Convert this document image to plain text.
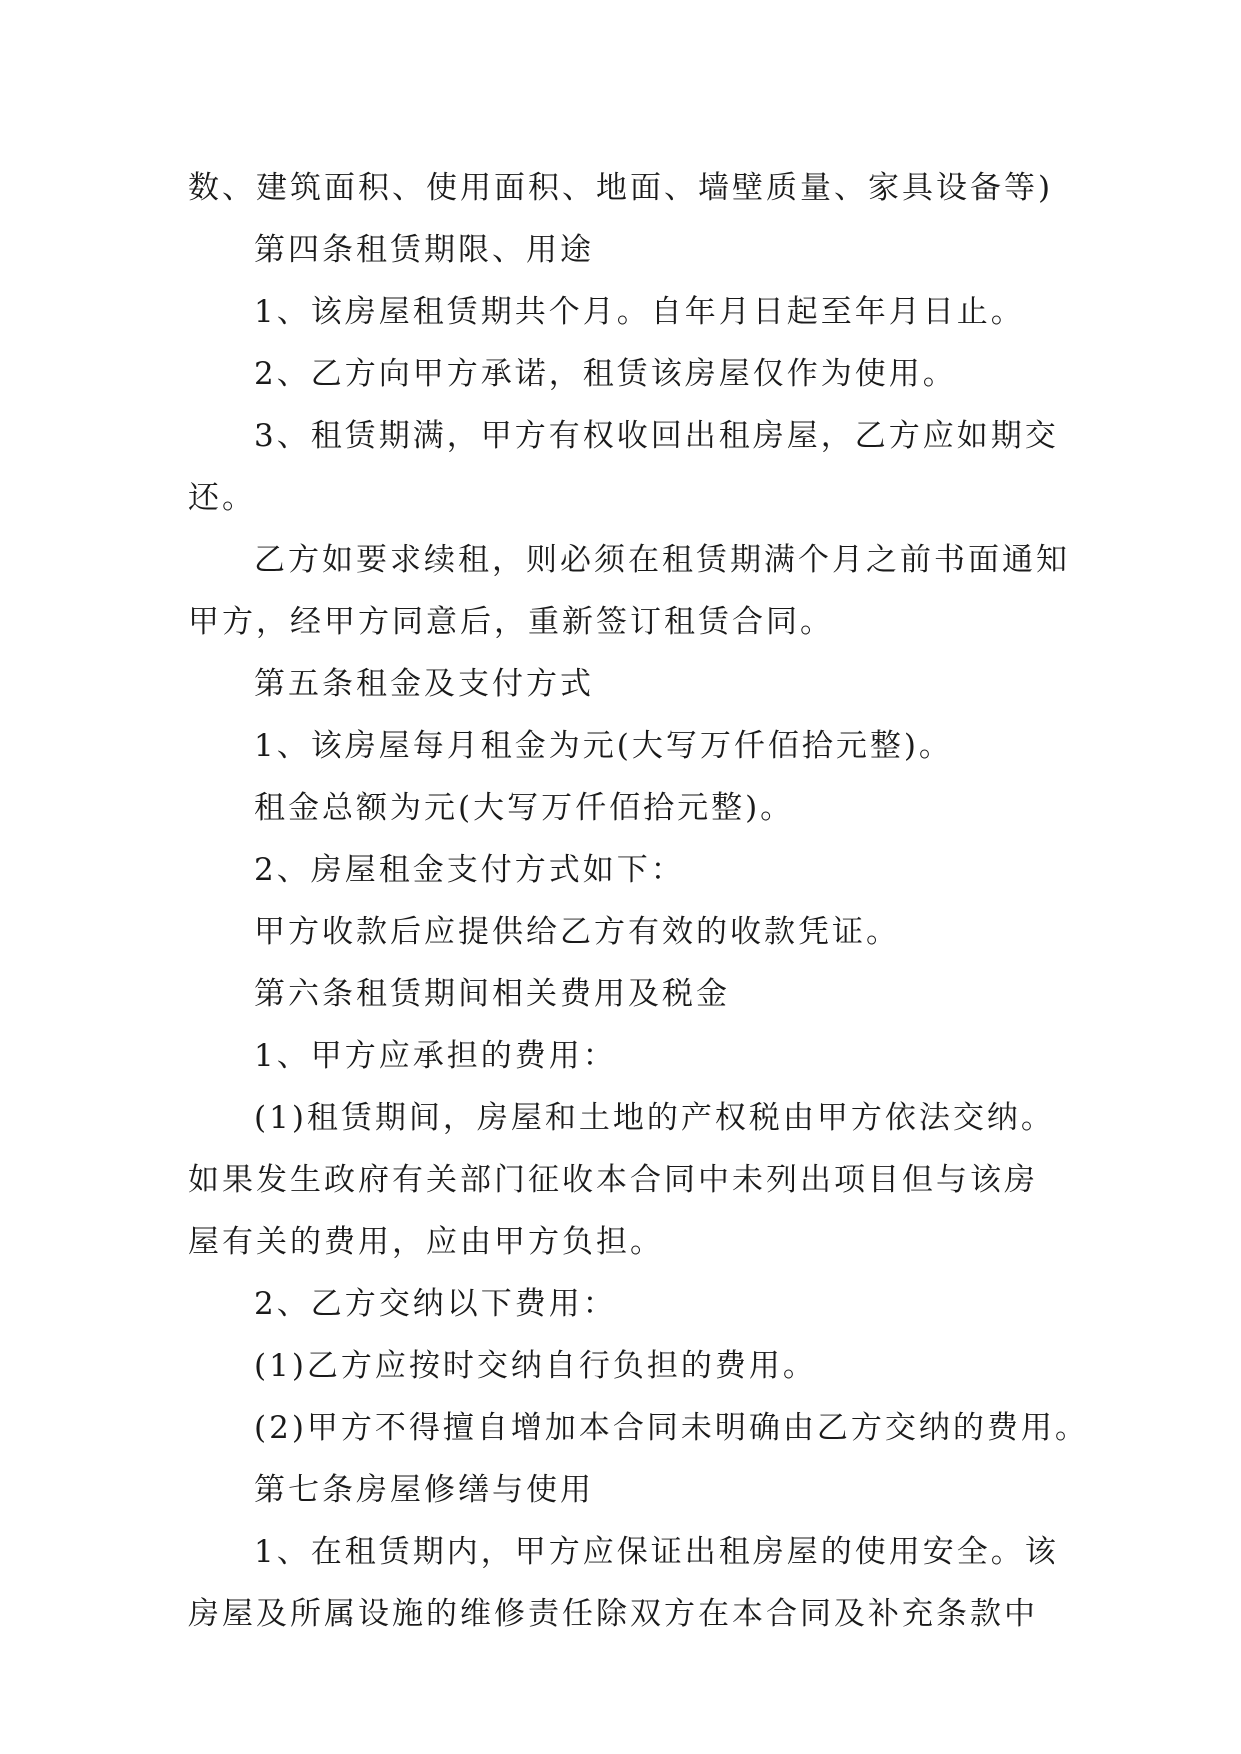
数、建筑面积、使用面积、地面、墙壁质量、家具设备等)
第四条租赁期限、用途
1、该房屋租赁期共个月。自年月日起至年月日止。
2、乙方向甲方承诺，租赁该房屋仅作为使用。
3、租赁期满，甲方有权收回出租房屋，乙方应如期交
还。
乙方如要求续租，则必须在租赁期满个月之前书面通知
甲方，经甲方同意后，重新签订租赁合同。
第五条租金及支付方式
1、该房屋每月租金为元(大写万仟佰拾元整)。
租金总额为元(大写万仟佰拾元整)。
2、房屋租金支付方式如下：
甲方收款后应提供给乙方有效的收款凭证。
第六条租赁期间相关费用及税金
1、甲方应承担的费用：
(1)租赁期间，房屋和土地的产权税由甲方依法交纳。
如果发生政府有关部门征收本合同中未列出项目但与该房
屋有关的费用，应由甲方负担。
2、乙方交纳以下费用：
(1)乙方应按时交纳自行负担的费用。
(2)甲方不得擅自增加本合同未明确由乙方交纳的费用。
第七条房屋修缮与使用
1、在租赁期内，甲方应保证出租房屋的使用安全。该
房屋及所属设施的维修责任除双方在本合同及补充条款中
